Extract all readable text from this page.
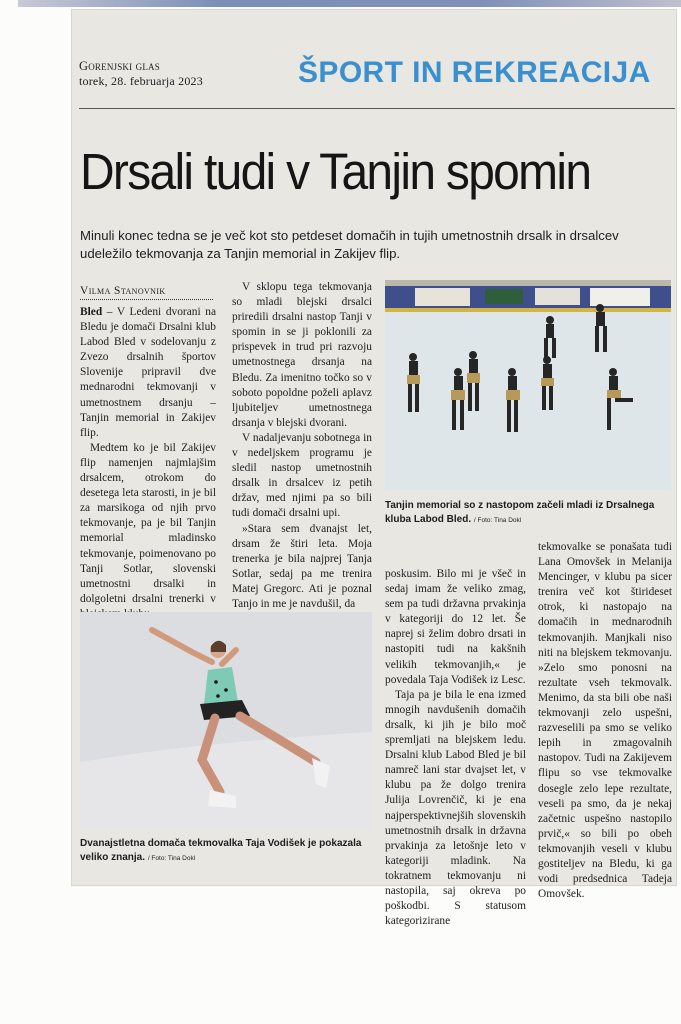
Gorenjski glas
torek, 28. februarja 2023	ŠPORT IN REKREACIJA
Drsali tudi v Tanjin spomin
Minuli konec tedna se je več kot sto petdeset domačih in tujih umetnostnih drsalk in drsalcev udeležilo tekmovanja za Tanjin memorial in Zakijev flip.
Vilma Stanovnik

Bled – V Ledeni dvorani na Bledu je domači Drsalni klub Labod Bled v sodelovanju z Zvezo drsalnih športov Slovenije pripravil dve mednarodni tekmovanji v umetnostnem drsanju – Tanjin memorial in Zakijev flip.

Medtem ko je bil Zakijev flip namenjen najmlajšim drsalcem, otrokom do desetega leta starosti, in je bil za marsikoga od njih prvo tekmovanje, pa je bil Tanjin memorial mladinsko tekmovanje, poimenovano po Tanji Sotlar, slovenski umetnostni drsalki in dolgoletni drsalni trenerki v

V sklopu tega tekmovanja so mladi blejski drsalci priredili drsalni nastop Tanji v spomin in se ji poklonili za prispevek in trud pri razvoju umetnostnega drsanja na Bledu. Za imenitno točko so v soboto popoldne poželi aplavz ljubiteljev umetnostnega drsanja v blejski dvorani.

V nadaljevanju sobotnega in v nedeljskem programu je sledil nastop umetnostnih drsalk in drsalcev iz petih držav, med njimi pa so bili tudi domači drsalni upi.

»Stara sem dvanajst let, drsam že štiri leta. Moja trenerka je bila najprej Tanja Sotlar, sedaj pa me trenira Matej Gregorc. Ati je poznal Tanjo in me je navdušil, da

Tanjin memorial so z nastopom začeli mladi iz Drsalnega kluba Labod Bled. / Foto: Tina Dokl

poskusim. Bilo mi je všeč in sedaj imam že veliko zmag, sem pa tudi državna prvakinja v kategoriji do 12 let. Še naprej si želim dobro drsati in nastopiti tudi na kakšnih velikih tekmovanjih,« je povedala Taja Vodišek iz Lesc.

Taja pa je bila le ena izmed mnogih navdušenih domačih drsalk, ki jih je bilo moč spremljati na blejskem ledu. Drsalni klub Labod Bled je bil namreč lani star dvajset let, v klubu pa že dolgo trenira Julija Lovrenčič, ki je ena najperspektivnejših slovenskih umetnostnih drsalk in državna prvakinja za letošnje leto v kategoriji mladink. Na tokratnem tekmovanju ni nastopila, saj okreva po poškodbi. S statusom kategorizirane

tekmovalke se ponašata tudi Lana Omovšek in Melanija Mencinger, v klubu pa sicer trenira več kot štirideset otrok, ki nastopajo na domačih in mednarodnih tekmovanjih. Manjkali niso niti na blejskem tekmovanju. »Zelo smo ponosni na rezultate vseh tekmovalk. Menimo, da sta bili obe naši tekmovanji zelo uspešni, razveselili pa smo se veliko lepih in zmagovalnih nastopov. Tudi na Zakijevem flipu so vse tekmovalke dosegle zelo lepe rezultate, veseli pa smo, da je nekaj začetnic uspešno nastopilo prvič,« so bili po obeh tekmovanjih veseli v klubu gostiteljev na Bledu, ki ga vodi predsednica Tadeja Omovšek.

Dvanajstletna domača tekmovalka Taja Vodišek je pokazala veliko znanja. / Foto: Tina Dokl
